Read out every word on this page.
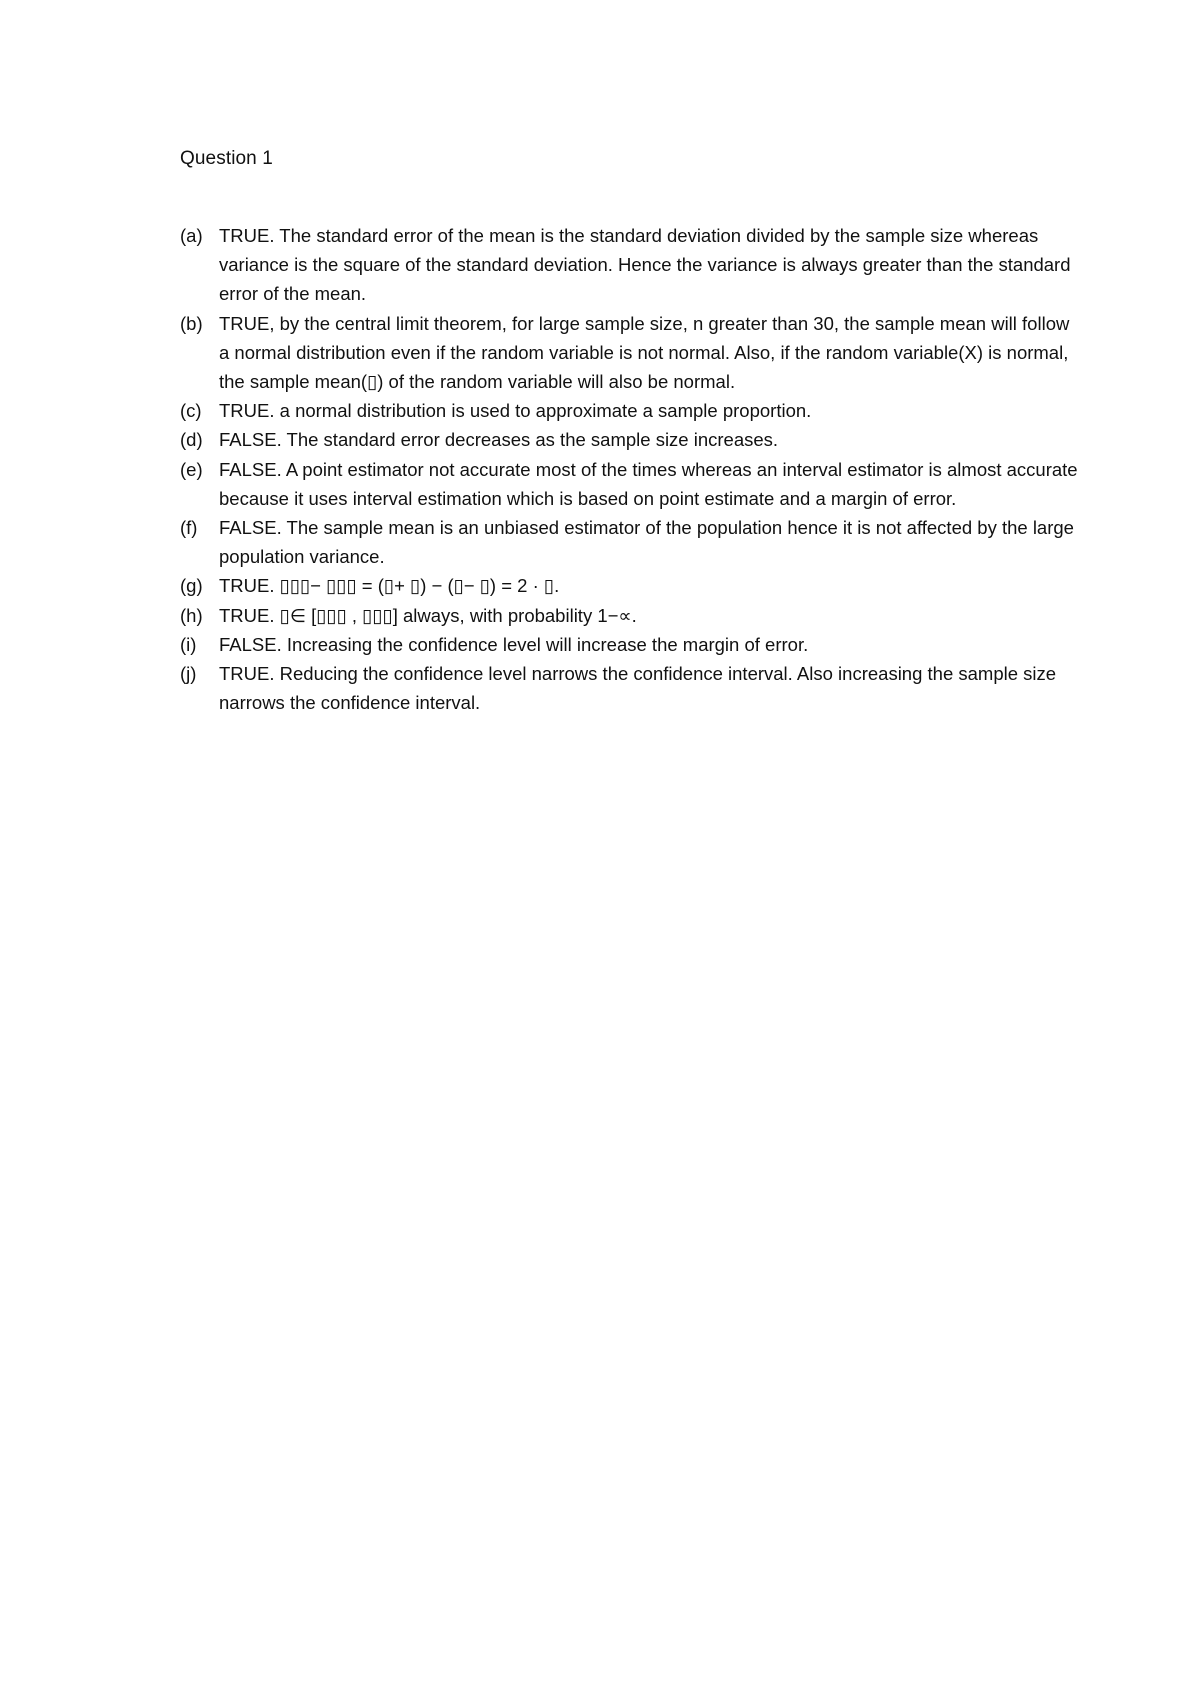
Question 1
(a) TRUE. The standard error of the mean is the standard deviation divided by the sample size whereas variance is the square of the standard deviation. Hence the variance is always greater than the standard error of the mean.
(b) TRUE, by the central limit theorem, for large sample size, n greater than 30, the sample mean will follow a normal distribution even if the random variable is not normal. Also, if the random variable(X) is normal, the sample mean(▯) of the random variable will also be normal.
(c) TRUE. a normal distribution is used to approximate a sample proportion.
(d) FALSE. The standard error decreases as the sample size increases.
(e) FALSE. A point estimator not accurate most of the times whereas an interval estimator is almost accurate because it uses interval estimation which is based on point estimate and a margin of error.
(f) FALSE. The sample mean is an unbiased estimator of the population hence it is not affected by the large population variance.
(g) TRUE. ▯▯▯− ▯▯▯ = (▯+ ▯) − (▯− ▯) = 2 · ▯.
(h) TRUE. ▯∈ [▯▯▯ , ▯▯▯] always, with probability 1−∝.
(i) FALSE. Increasing the confidence level will increase the margin of error.
(j) TRUE. Reducing the confidence level narrows the confidence interval. Also increasing the sample size narrows the confidence interval.
